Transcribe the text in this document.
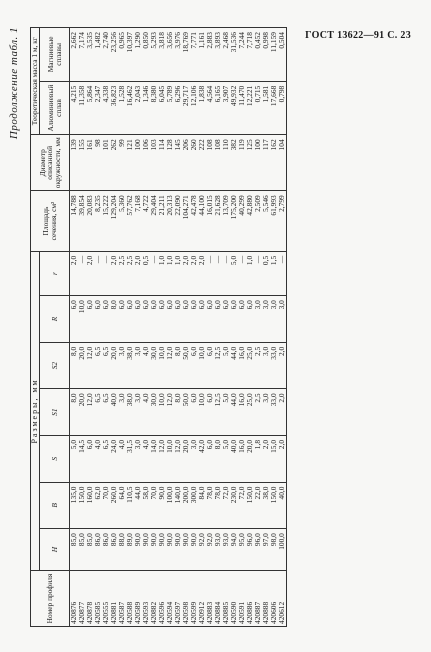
ГОСТ 13622—91 С. 23
Продолжение табл. 1
Номер профиля	Размеры, мм							Площадь сечения, см²	Диаметр описанной окружности, мм	Теоретическая масса 1 м, кг	
	H	B	S	S1	S2	R	r			Алюминиевый сплав	Магниевые сплавы
420876	85,0	135,0	5,0	8,0	8,0	6,0	2,0	14,788	139	4,215	2,662
420877	85,0	150,0	14,5	20,0	20,0	10,0	—	39,854	155	11,358	7,174
420878	85,0	160,0	6,0	12,0	12,0	6,0	2,0	20,083	161	5,864	3,535
420585	86,0	62,0	4,0	6,5	6,5	6,0	—	8,235	98	2,347	1,482
420555	86,0	70,0	6,5	6,5	6,5	6,0	—	15,222	101	4,338	2,740
420881	86,0	260,0	24,0	40,0	20,0	8,0	2,0	129,204	262	36,823	23,256
420587	88,0	64,0	4,0	3,0	3,0	6,0	2,5	5,360	99	1,528	0,965
420588	89,0	110,5	31,5	38,0	38,0	6,0	2,5	57,762	121	16,462	10,397
420589	90,0	44,0	3,0	3,0	3,0	6,0	2,0	7,168	100	2,043	1,290
420593	90,0	58,0	4,0	4,0	4,0	6,0	0,5	4,722	106	1,346	0,850
420882	90,0	70,0	14,0	30,0	30,0	6,0	—	29,404	103	8,380	5,293
420596	90,0	90,0	12,0	10,0	10,0	6,0	1,0	21,211	114	6,045	3,818
420594	90,0	100,0	10,0	12,0	12,0	6,0	1,0	20,313	128	5,789	3,656
420597	90,0	140,0	12,0	8,0	8,0	6,0	1,0	22,090	145	6,296	3,976
420598	90,0	200,0	20,0	50,0	50,0	6,0	2,0	104,271	206	29,717	18,769
420599	90,0	300,0	3,0	6,0	6,0	6,0	2,0	42,478	260	12,106	7,771
420912	92,0	84,0	42,0	10,0	10,0	6,0	2,0	44,100	222	1,838	1,161
420883	92,0	78,0	6,0	6,0	6,0	6,0	—	16,015	108	4,564	2,883
420884	93,0	78,0	8,0	12,5	12,5	6,0	—	21,628	108	6,165	3,893
420885	93,0	72,0	5,0	5,0	5,0	6,0	—	13,709	110	3,907	2,468
420590	94,0	230,0	40,0	44,0	44,0	6,0	5,0	175,200	382	49,932	31,536
420591	95,0	72,0	16,0	16,0	16,0	6,0	—	40,299	119	11,470	7,244
420886	96,0	150,0	20,0	25,0	25,0	6,0	1,0	42,880	125	12,221	7,718
420887	96,0	22,0	1,8	2,5	2,5	3,0	—	2,509	100	0,715	0,452
420888	97,0	38,0	2,0	3,0	3,0	3,0	0,5	5,546	117	1,581	0,998
420606	98,0	150,0	15,0	33,0	33,0	3,0	1,5	61,993	162	17,668	11,159
420612	100,0	40,0	2,0	2,0	2,0	3,0	—	2,799	104	0,798	0,504
